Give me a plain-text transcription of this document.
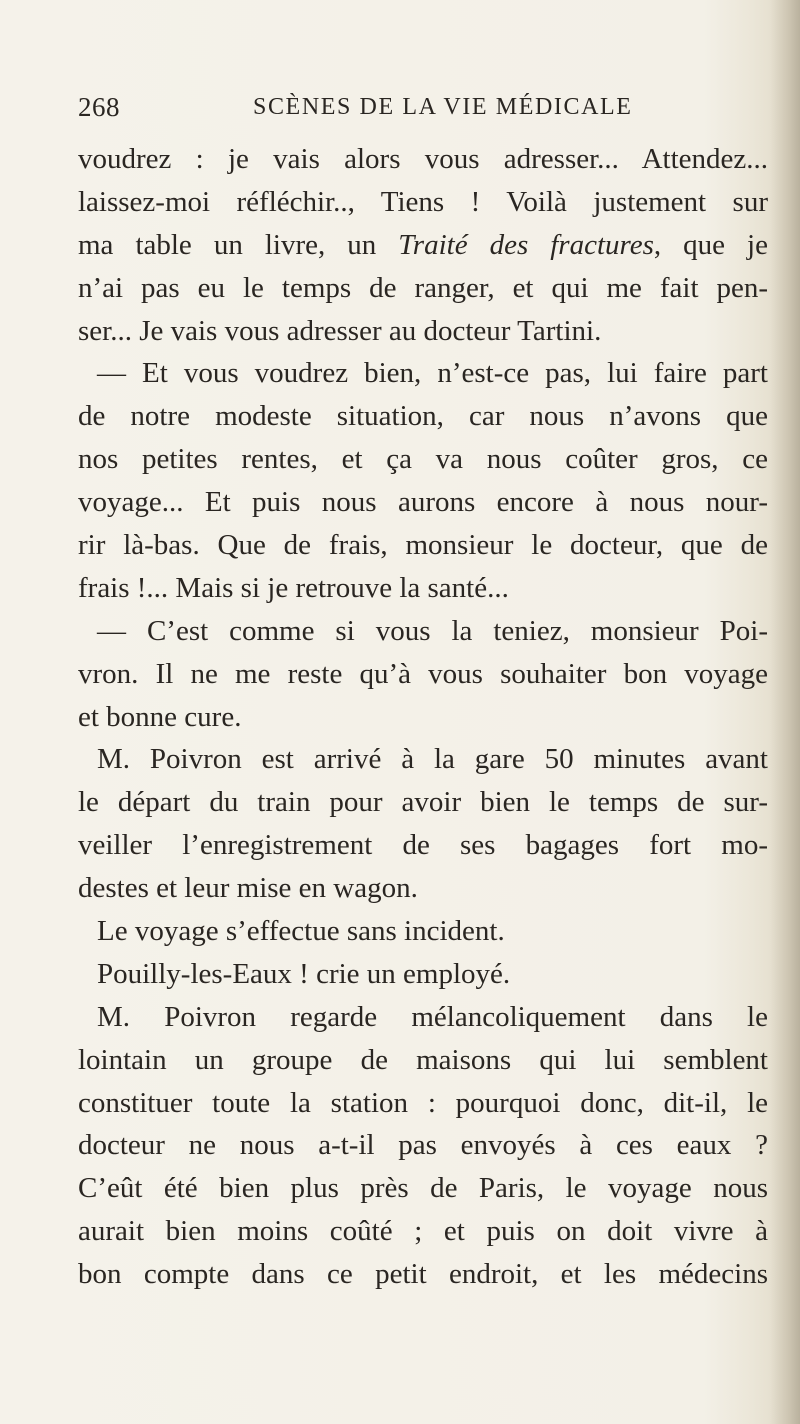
268	SCÈNES DE LA VIE MÉDICALE
voudrez : je vais alors vous adresser... Attendez...
laissez-moi réfléchir.., Tiens ! Voilà justement sur
ma table un livre, un Traité des fractures, que je
n’ai pas eu le temps de ranger, et qui me fait pen-
ser... Je vais vous adresser au docteur Tartini.
— Et vous voudrez bien, n’est-ce pas, lui faire part
de notre modeste situation, car nous n’avons que
nos petites rentes, et ça va nous coûter gros, ce
voyage... Et puis nous aurons encore à nous nour-
rir là-bas. Que de frais, monsieur le docteur, que de
frais !... Mais si je retrouve la santé...
— C’est comme si vous la teniez, monsieur Poi-
vron. Il ne me reste qu’à vous souhaiter bon voyage
et bonne cure.
M. Poivron est arrivé à la gare 50 minutes avant
le départ du train pour avoir bien le temps de sur-
veiller l’enregistrement de ses bagages fort mo-
destes et leur mise en wagon.
Le voyage s’effectue sans incident.
Pouilly-les-Eaux ! crie un employé.
M. Poivron regarde mélancoliquement dans le
lointain un groupe de maisons qui lui semblent
constituer toute la station : pourquoi donc, dit-il, le
docteur ne nous a-t-il pas envoyés à ces eaux ?
C’eût été bien plus près de Paris, le voyage nous
aurait bien moins coûté ; et puis on doit vivre à
bon compte dans ce petit endroit, et les médecins
